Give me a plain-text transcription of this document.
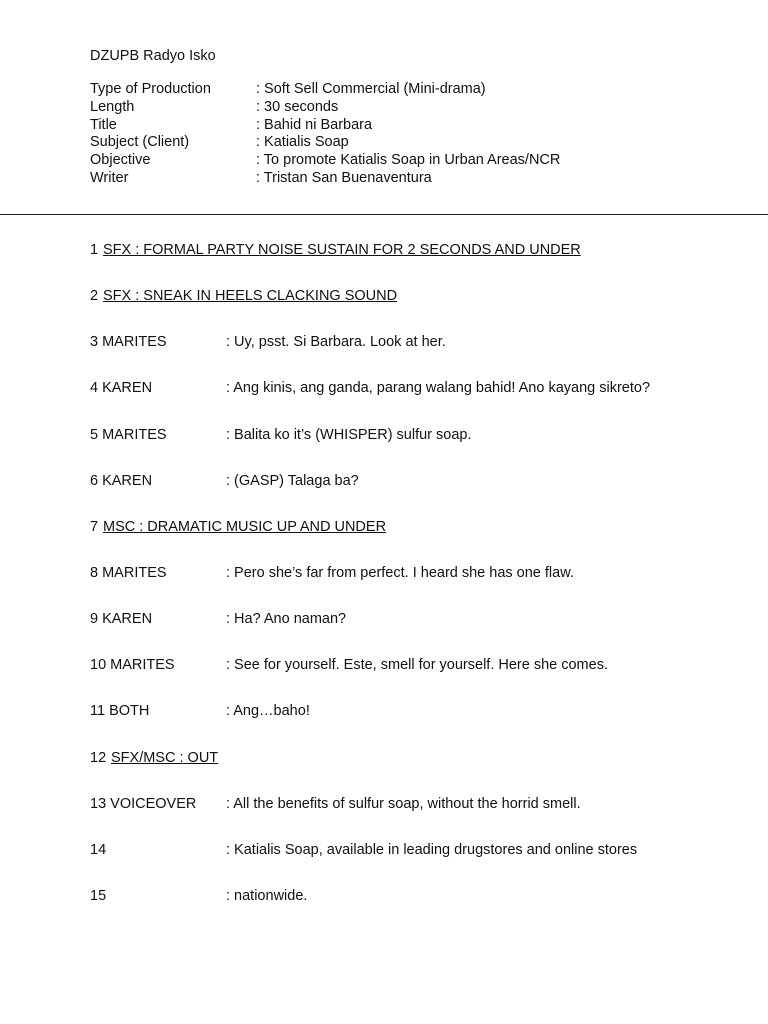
DZUPB Radyo Isko
Type of Production	: Soft Sell Commercial (Mini-drama)
Length	: 30 seconds
Title	: Bahid ni Barbara
Subject (Client)	: Katialis Soap
Objective	: To promote Katialis Soap in Urban Areas/NCR
Writer	: Tristan San Buenaventura
1 SFX : FORMAL PARTY NOISE SUSTAIN FOR 2 SECONDS AND UNDER
2 SFX : SNEAK IN HEELS CLACKING SOUND
3 MARITES	: Uy, psst. Si Barbara. Look at her.
4 KAREN	: Ang kinis, ang ganda, parang walang bahid! Ano kayang sikreto?
5 MARITES	: Balita ko it’s (WHISPER) sulfur soap.
6 KAREN	: (GASP) Talaga ba?
7 MSC : DRAMATIC MUSIC UP AND UNDER
8 MARITES	: Pero she’s far from perfect. I heard she has one flaw.
9 KAREN	: Ha? Ano naman?
10 MARITES	: See for yourself. Este, smell for yourself. Here she comes.
11 BOTH	: Ang…baho!
12 SFX/MSC : OUT
13 VOICEOVER : All the benefits of sulfur soap, without the horrid smell.
14	: Katialis Soap, available in leading drugstores and online stores
15	: nationwide.
